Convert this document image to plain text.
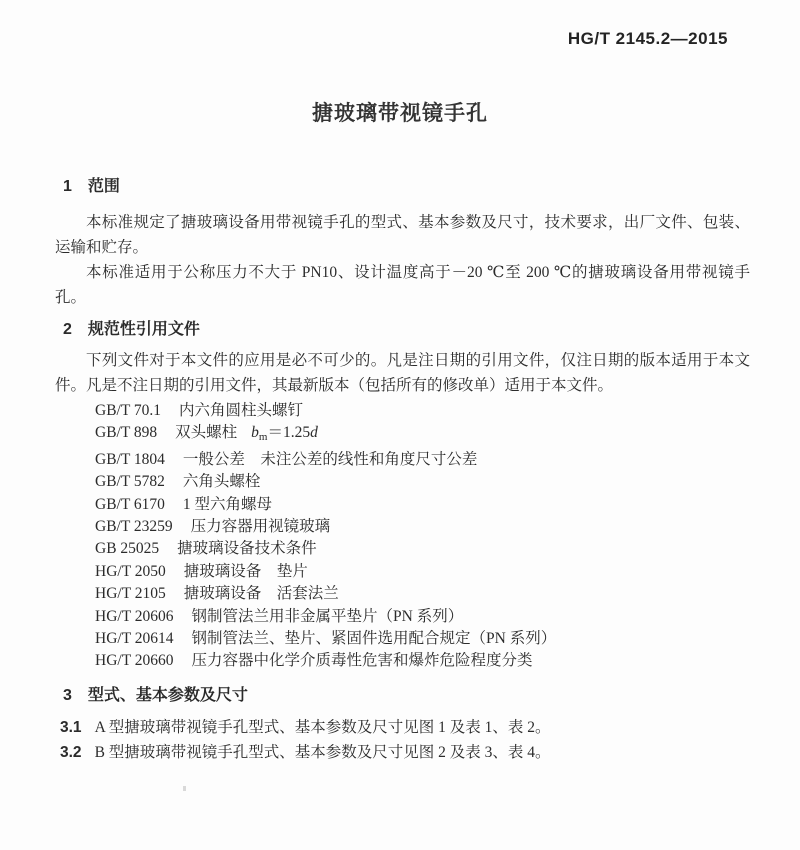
HG/T 2145.2—2015
搪玻璃带视镜手孔
1 范围

本标准规定了搪玻璃设备用带视镜手孔的型式、基本参数及尺寸，技术要求，出厂文件、包装、运输和贮存。

本标准适用于公称压力不大于 PN10、设计温度高于－20 ℃至 200 ℃的搪玻璃设备用带视镜手孔。

2 规范性引用文件

下列文件对于本文件的应用是必不可少的。凡是注日期的引用文件，仅注日期的版本适用于本文件。凡是不注日期的引用文件，其最新版本（包括所有的修改单）适用于本文件。

GB/T 70.1 内六角圆柱头螺钉
GB/T 898 双头螺柱 $b_m=1.25d$
GB/T 1804 一般公差　未注公差的线性和角度尺寸公差
GB/T 5782 六角头螺栓
GB/T 6170 1 型六角螺母
GB/T 23259 压力容器用视镜玻璃
GB 25025 搪玻璃设备技术条件
HG/T 2050 搪玻璃设备　垫片
HG/T 2105 搪玻璃设备　活套法兰
HG/T 20606 钢制管法兰用非金属平垫片（PN 系列）
HG/T 20614 钢制管法兰、垫片、紧固件选用配合规定（PN 系列）
HG/T 20660 压力容器中化学介质毒性危害和爆炸危险程度分类
3 型式、基本参数及尺寸

3.1 A 型搪玻璃带视镜手孔型式、基本参数及尺寸见图 1 及表 1、表 2。

3.2 B 型搪玻璃带视镜手孔型式、基本参数及尺寸见图 2 及表 3、表 4。
